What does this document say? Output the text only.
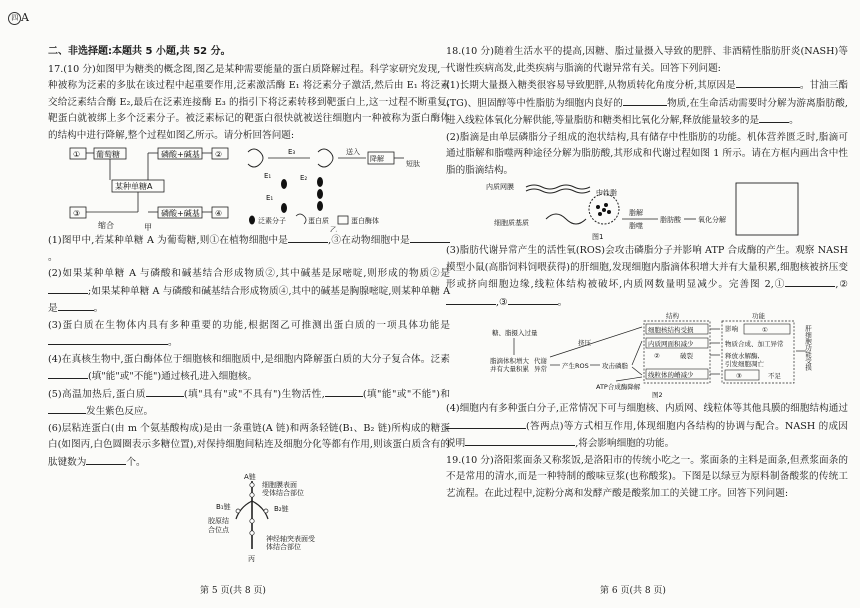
四 A

二、非选择题:本题共 5 小题,共 52 分。

17.(10 分)如图甲为糖类的概念图,图乙是某种需要能量的蛋白质降解过程。科学家研究发现,一种被称为泛素的多肽在该过程中起重要作用,泛素激活酶 E₁ 将泛素分子激活,然后由 E₁ 将泛素交给泛素结合酶 E₂,最后在泛素连接酶 E₃ 的指引下将泛素转移到靶蛋白上,这一过程不断重复,靶蛋白就被绑上多个泛素分子。被泛素标记的靶蛋白很快就被送往细胞内一种被称为蛋白酶体的结构中进行降解,整个过程如图乙所示。请分析回答问题:

① 葡萄糖	磷酸+碱基 ②
某种单糖A
③
缩合
磷酸+碱基 ④
甲
E₃	送入
降解
短肽
E₁	E₂
E₁
泛素分子	蛋白质	蛋白酶体
乙

(1)图甲中,若某种单糖 A 为葡萄糖,则①在植物细胞中是	,③在动物细胞中是。

(2)如果某种单糖 A 与磷酸和碱基结合形成物质②,其中碱基是尿嘧啶,则形成的物质②是;如果某种单糖 A 与磷酸和碱基结合形成物质④,其中的碱基是胸腺嘧啶,则某种单糖 A 是	。

(3)蛋白质在生物体内具有多种重要的功能,根据图乙可推测出蛋白质的一项具体功能是。

(4)在真核生物中,蛋白酶体位于细胞核和细胞质中,是细胞内降解蛋白质的大分子复合体。泛素(填"能"或"不能")通过核孔进入细胞核。

(5)高温加热后,蛋白质	(填"具有"或"不具有")生物活性,	(填"能"或"不能")和发生紫色反应。

(6)层粘连蛋白(由 m 个氨基酸构成)是由一条重链(A 链)和两条轻链(B₁、B₂ 链)所构成的糖蛋白(如图丙,白色圆圈表示多糖位置),对保持细胞间粘连及细胞分化等都有作用,则该蛋白质含有的肽键数为	个。

A链
细胞膜表面
受体结合部位
B₁链	B₂链
胶原结
合位点
神经轴突表面受
体结合部位
丙
第 5 页(共 8 页)

18.(10 分)随着生活水平的提高,因糖、脂过量摄入导致的肥胖、非酒精性脂肪肝炎(NASH)等代谢性疾病高发,此类疾病与脂滴的代谢异常有关。回答下列问题:

(1)长期大量摄入糖类很容易导致肥胖,从物质转化角度分析,其原因是	。甘油三酯(TG)、胆固醇等中性脂肪为细胞内良好的	物质,在生命活动需要时分解为游离脂肪酸,进入线粒体氧化分解供能,等量脂肪和糖类相比氧化分解,释放能量较多的是	。

(2)脂滴是由单层磷脂分子组成的泡状结构,具有储存中性脂肪的功能。机体营养匮乏时,脂滴可通过脂解和脂噬两种途径分解为脂肪酸,其形成和代谢过程如图 1 所示。请在方框内画出含中性脂的脂滴结构。

内质网膜
中性脂
细胞质基质
脂解
脂噬
脂肪酸 氧化分解
图1

(3)脂肪代谢异常产生的活性氧(ROS)会攻击磷脂分子并影响 ATP 合成酶的产生。观察 NASH 模型小鼠(高脂饲料饲喂获得)的肝细胞,发现细胞内脂滴体积增大并有大量积累,细胞核被挤压变形或挤向细胞边缘,线粒体结构被破坏,内质网数量明显减少。完善图 2,①	,②,③	。

结构	功能
糖、脂摄入过量
脂滴体积增大
并有大量积累
代谢
异常
挤压
产生ROS 攻击磷脂
ATP合成酶降解
细胞核结构受损
内质网面积减少
②	破裂
线粒体的嵴减少
影响	①
物质合成、加工异常
释放水解酶,
引发细胞凋亡
③	不足
肝细胞功能受损
图2

(4)细胞内有多种蛋白分子,正常情况下可与细胞核、内质网、线粒体等其他具膜的细胞结构通过(答两点)等方式相互作用,体现细胞内各结构的协调与配合。NASH 的成因说明	,将会影响细胞的功能。

19.(10 分)洛阳浆面条又称浆饭,是洛阳市的传统小吃之一。浆面条的主料是面条,但煮浆面条的不是常用的清水,而是一种特制的酸味豆浆(也称酸浆)。下图是以绿豆为原料制备酸浆的传统工艺流程。在此过程中,淀粉分离和发酵产酸是酸浆加工的关键工序。回答下列问题:

第 6 页(共 8 页)
